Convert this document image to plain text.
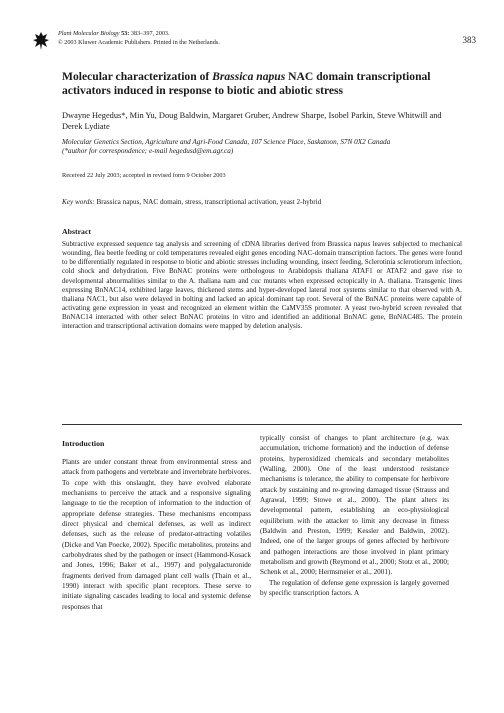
Plant Molecular Biology 53: 383–397, 2003.
© 2003 Kluwer Academic Publishers. Printed in the Netherlands.	383
Molecular characterization of Brassica napus NAC domain transcriptional activators induced in response to biotic and abiotic stress
Dwayne Hegedus*, Min Yu, Doug Baldwin, Margaret Gruber, Andrew Sharpe, Isobel Parkin, Steve Whitwill and Derek Lydiate
Molecular Genetics Section, Agriculture and Agri-Food Canada, 107 Science Place, Saskatoon, S7N 0X2 Canada
(*author for correspondence; e-mail hegedusd@em.agr.ca)
Received 22 July 2003; accepted in revised form 9 October 2003
Key words: Brassica napus, NAC domain, stress, transcriptional activation, yeast 2-hybrid
Abstract
Subtractive expressed sequence tag analysis and screening of cDNA libraries derived from Brassica napus leaves subjected to mechanical wounding, flea beetle feeding or cold temperatures revealed eight genes encoding NAC-domain transcription factors. The genes were found to be differentially regulated in response to biotic and abiotic stresses including wounding, insect feeding, Sclerotinia sclerotiorum infection, cold shock and dehydration. Five BnNAC proteins were orthologous to Arabidopsis thaliana ATAF1 or ATAF2 and gave rise to developmental abnormalities similar to the A. thaliana nam and cuc mutants when expressed ectopically in A. thaliana. Transgenic lines expressing BnNAC14, exhibited large leaves, thickened stems and hyper-developed lateral root systems similar to that observed with A. thaliana NAC1, but also were delayed in bolting and lacked an apical dominant tap root. Several of the BnNAC proteins were capable of activating gene expression in yeast and recognized an element within the CaMV35S promoter. A yeast two-hybrid screen revealed that BnNAC14 interacted with other select BnNAC proteins in vitro and identified an additional BnNAC gene, BnNAC485. The protein interaction and transcriptional activation domains were mapped by deletion analysis.
Introduction

Plants are under constant threat from environmental stress and attack from pathogens and vertebrate and invertebrate herbivores. To cope with this onslaught, they have evolved elaborate mechanisms to perceive the attack and a responsive signaling language to tie the reception of information to the induction of appropriate defense strategies. These mechanisms encompass direct physical and chemical defenses, as well as indirect defenses, such as the release of predator-attracting volatiles (Dicke and Van Poecke, 2002). Specific metabolites, proteins and carbohydrates shed by the pathogen or insect (Hammond-Kosack and Jones, 1996; Baker et al., 1997) and polygalacturonide fragments derived from damaged plant cell walls (Thain et al., 1990) interact with specific plant receptors. These serve to initiate signaling cascades leading to local and systemic defense responses that

typically consist of changes to plant architecture (e.g. wax accumulation, trichome formation) and the induction of defense proteins, hyperoxidized chemicals and secondary metabolites (Walling, 2000). One of the least understood resistance mechanisms is tolerance, the ability to compensate for herbivore attack by sustaining and re-growing damaged tissue (Strauss and Agrawal, 1999; Stowe et al., 2000). The plant alters its developmental pattern, establishing an eco-physiological equilibrium with the attacker to limit any decrease in fitness (Baldwin and Preston, 1999; Kessler and Baldwin, 2002). Indeed, one of the larger groups of genes affected by herbivore and pathogen interactions are those involved in plant primary metabolism and growth (Reymond et al., 2000; Stotz et al., 2000; Schenk et al., 2000; Hermsmeier et al., 2001).

The regulation of defense gene expression is largely governed by specific transcription factors. A
